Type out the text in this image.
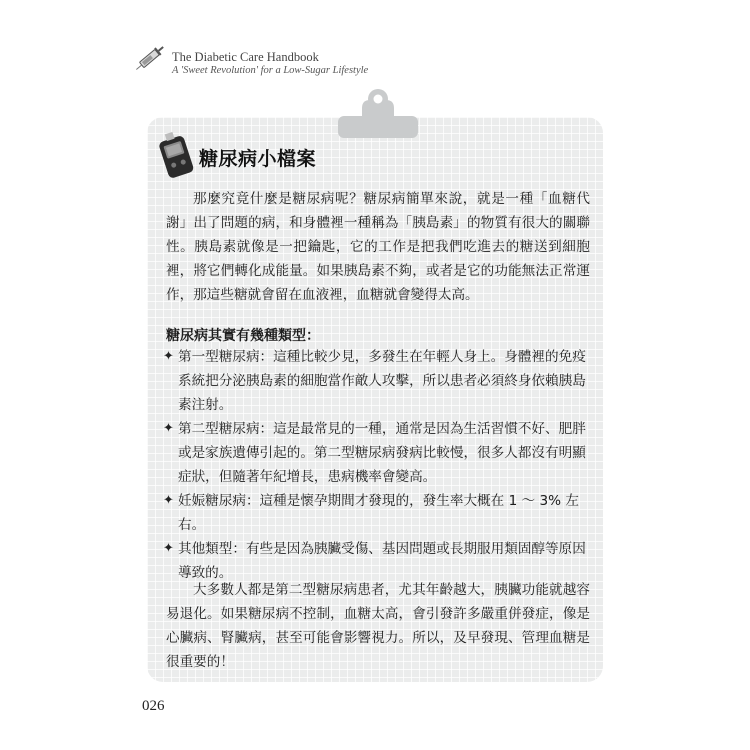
The Diabetic Care Handbook
A 'Sweet Revolution' for a Low-Sugar Lifestyle
糖尿病小檔案

那麼究竟什麼是糖尿病呢？糖尿病簡單來說，就是一種「血糖代謝」出了問題的病，和身體裡一種稱為「胰島素」的物質有很大的關聯性。胰島素就像是一把鑰匙，它的工作是把我們吃進去的糖送到細胞裡，將它們轉化成能量。如果胰島素不夠，或者是它的功能無法正常運作，那這些糖就會留在血液裡，血糖就會變得太高。

糖尿病其實有幾種類型：

✦ 第一型糖尿病：這種比較少見，多發生在年輕人身上。身體裡的免疫系統把分泌胰島素的細胞當作敵人攻擊，所以患者必須終身依賴胰島素注射。
✦ 第二型糖尿病：這是最常見的一種，通常是因為生活習慣不好、肥胖或是家族遺傳引起的。第二型糖尿病發病比較慢，很多人都沒有明顯症狀，但隨著年紀增長，患病機率會變高。
✦ 妊娠糖尿病：這種是懷孕期間才發現的，發生率大概在 1 ～ 3% 左右。
✦ 其他類型：有些是因為胰臟受傷、基因問題或長期服用類固醇等原因導致的。

大多數人都是第二型糖尿病患者，尤其年齡越大，胰臟功能就越容易退化。如果糖尿病不控制，血糖太高，會引發許多嚴重併發症，像是心臟病、腎臟病，甚至可能會影響視力。所以，及早發現、管理血糖是很重要的！

026
